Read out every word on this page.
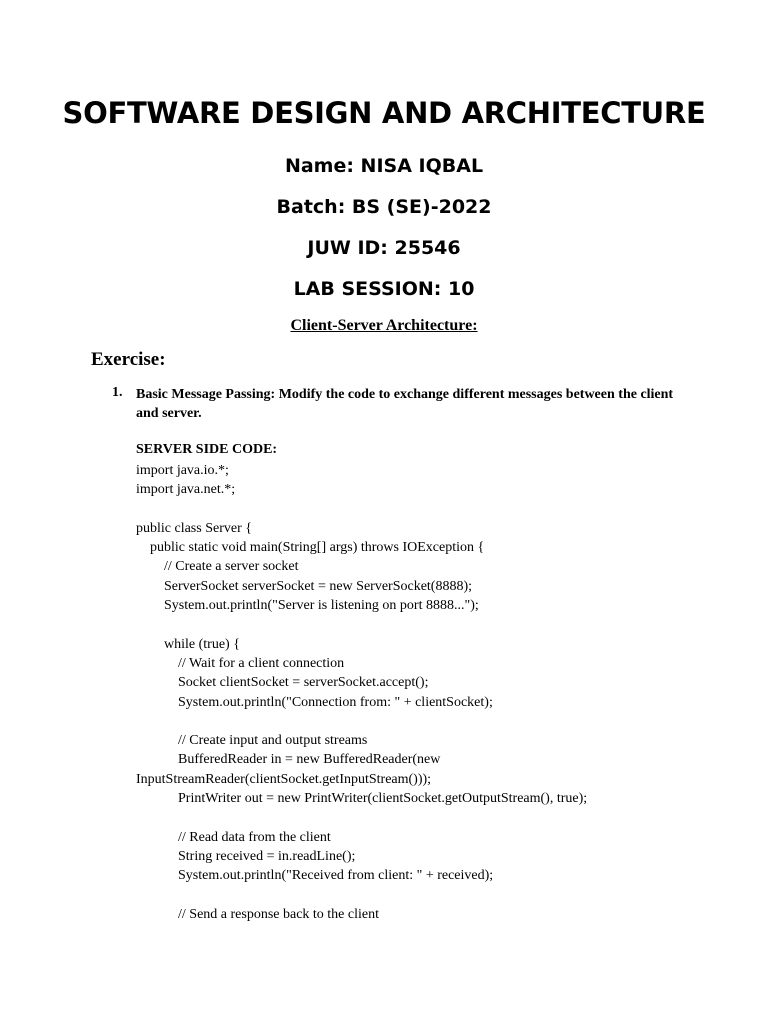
SOFTWARE DESIGN AND ARCHITECTURE
Name: NISA IQBAL
Batch: BS (SE)-2022
JUW ID: 25546
LAB SESSION: 10
Client-Server Architecture:
Exercise:
1. Basic Message Passing: Modify the code to exchange different messages between the client and server.
SERVER SIDE CODE:
import java.io.*;
import java.net.*;
public class Server {
public static void main(String[] args) throws IOException {
// Create a server socket
ServerSocket serverSocket = new ServerSocket(8888);
System.out.println("Server is listening on port 8888...");
while (true) {
// Wait for a client connection
Socket clientSocket = serverSocket.accept();
System.out.println("Connection from: " + clientSocket);
// Create input and output streams
BufferedReader in = new BufferedReader(new
InputStreamReader(clientSocket.getInputStream()));
PrintWriter out = new PrintWriter(clientSocket.getOutputStream(), true);
// Read data from the client
String received = in.readLine();
System.out.println("Received from client: " + received);
// Send a response back to the client
